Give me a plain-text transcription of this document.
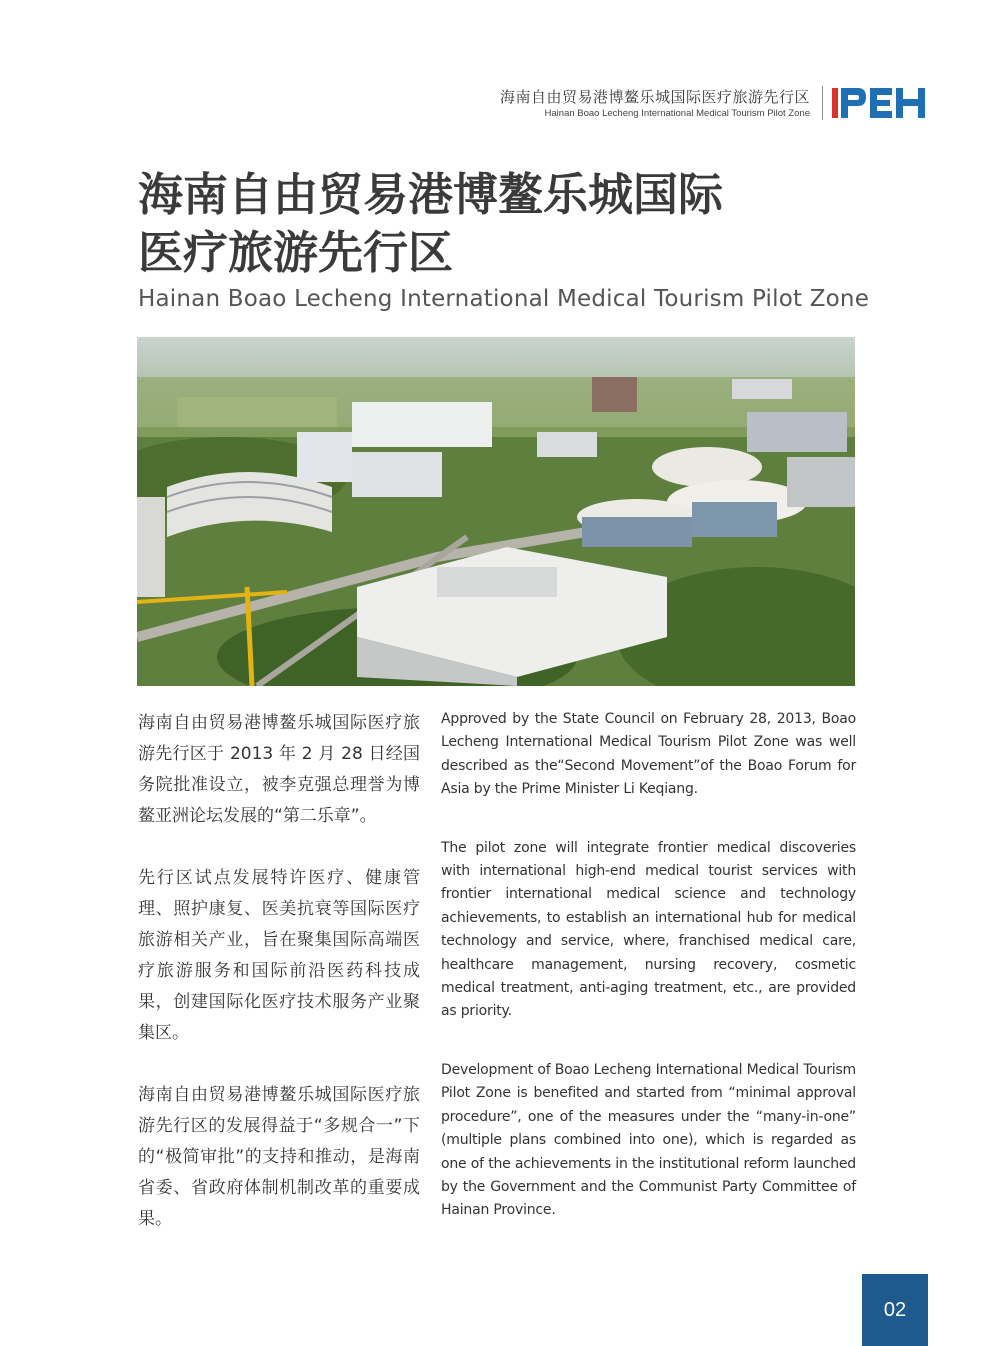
海南自由贸易港博鳌乐城国际医疗旅游先行区
Hainan Boao Lecheng International Medical Tourism Pilot Zone
海南自由贸易港博鳌乐城国际
医疗旅游先行区
Hainan Boao Lecheng International Medical Tourism Pilot Zone

海南自由贸易港博鳌乐城国际医疗旅游先行区于 2013 年 2 月 28 日经国务院批准设立，被李克强总理誉为博鳌亚洲论坛发展的“第二乐章”。

先行区试点发展特许医疗、健康管理、照护康复、医美抗衰等国际医疗旅游相关产业，旨在聚集国际高端医疗旅游服务和国际前沿医药科技成果，创建国际化医疗技术服务产业聚集区。

海南自由贸易港博鳌乐城国际医疗旅游先行区的发展得益于“多规合一”下的“极简审批”的支持和推动，是海南省委、省政府体制机制改革的重要成果。

Approved by the State Council on February 28, 2013, Boao Lecheng International Medical Tourism Pilot Zone was well described as the“Second Movement”of the Boao Forum for Asia by the Prime Minister Li Keqiang.

The pilot zone will integrate frontier medical discoveries with international high-end medical tourist services with frontier international medical science and technology achievements, to establish an international hub for medical technology and service, where, franchised medical care, healthcare management, nursing recovery, cosmetic medical treatment, anti-aging treatment, etc., are provided as priority.

Development of Boao Lecheng International Medical Tourism Pilot Zone is benefited and started from “minimal approval procedure”, one of the measures under the “many-in-one” (multiple plans combined into one), which is regarded as one of the achievements in the institutional reform launched by the Government and the Communist Party Committee of Hainan Province.

02
